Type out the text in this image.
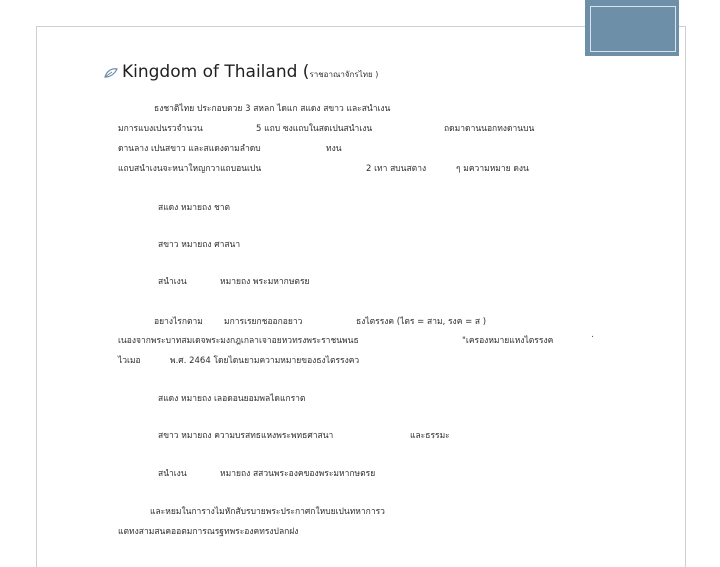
Kingdom of Thailand (ราชอาณาจักรไทย )
ธงชาติไทย ประกอบดวย 3 สหลก ไดแก สแดง สขาว และสนำเงน
มการแบงเปนรวจำนวน	5 แถบ ซงแถบในสดเปนสนำเงน	ถดมาดานนอกทงดานบน
ดานลาง เปนสขาว และสแดงตามลำดบ	ทงน
แถบสนำเงนจะหนาใหญกวาแถบอนเปน	2 เทา สบนสตาง	ๆ มความหมาย ดงน
สแดง หมายถง ชาต
สขาว หมายถง ศาสนา
สนำเงน	หมายถง พระมหากษตรย
อยางไรกตาม มการเรยกชออกอยาว	ธงไตรรงค (ไตร = สาม, รงค = ส )
เนองจากพระบาทสมเดจพระมงกฎเกลาเจาอยหวทรงพระราชนพนธ	"เครองหมายแหงไตรรงค
ไวเมอ	พ.ศ. 2464 โดยไดนยามความหมายของธงไตรรงคว
สแดง หมายถง เลอดอนยอมพลไดแกราต
สขาว หมายถง ความบรสทธแหงพระพทธศาสนา	และธรรมะ
สนำเงน	หมายถง สสวนพระองคของพระมหากษตรย
และหยมในการางไมหักสับรบายพระประกาศกใหบยเปนทหาการว
แตทงสามสนคออตมการณรฐทพระองคทรงปลกฝง
.
